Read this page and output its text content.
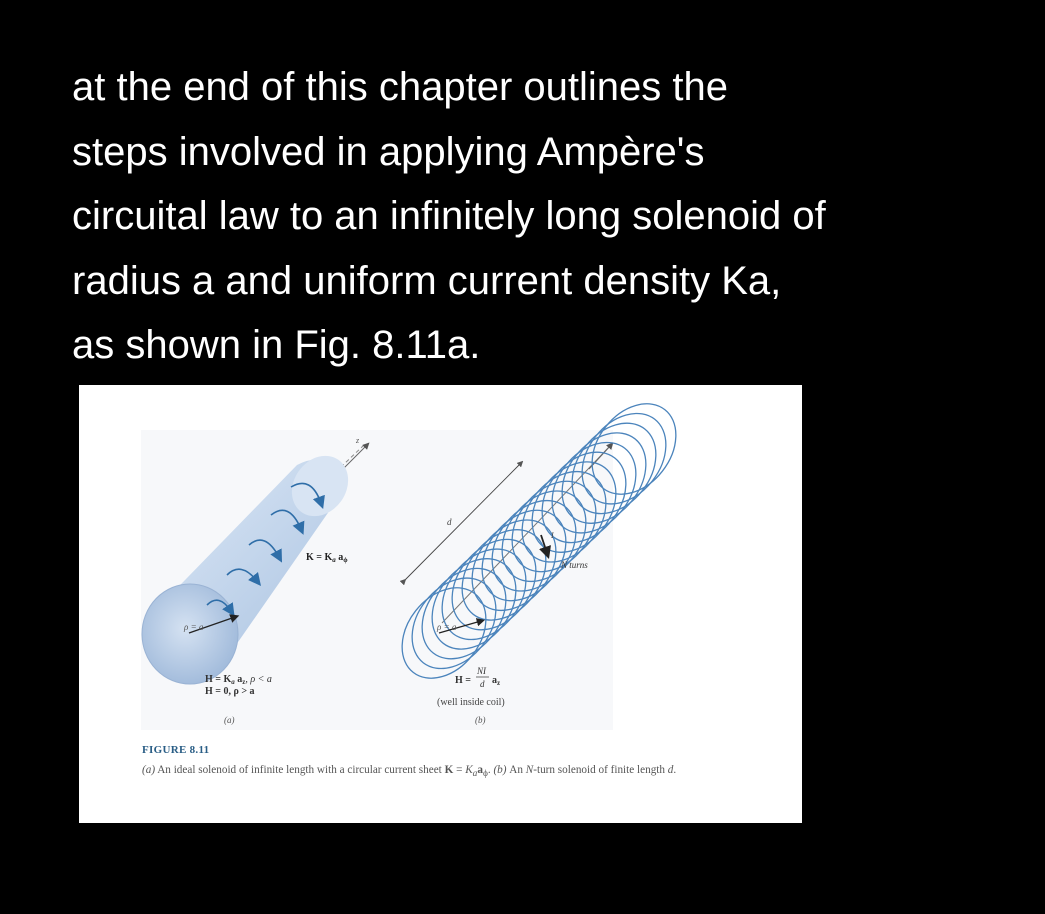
at the end of this chapter outlines the
steps involved in applying Ampère's
circuital law to an infinitely long solenoid of
radius a and uniform current density Ka,
as shown in Fig. 8.11a.
z
$K = K_a$ $a_\phi$
ρ = a
$H = K_a$ $a_z$, ρ < a
H = 0, ρ > a
(a)
d
I
N turns
ρ = a
H =
NI
d $a_z$
(well inside coil)
(b)
FIGURE 8.11
(a) An ideal solenoid of infinite length with a circular current sheet $K = K_aa_\phi$. (b) An N-turn solenoid of finite length d.
